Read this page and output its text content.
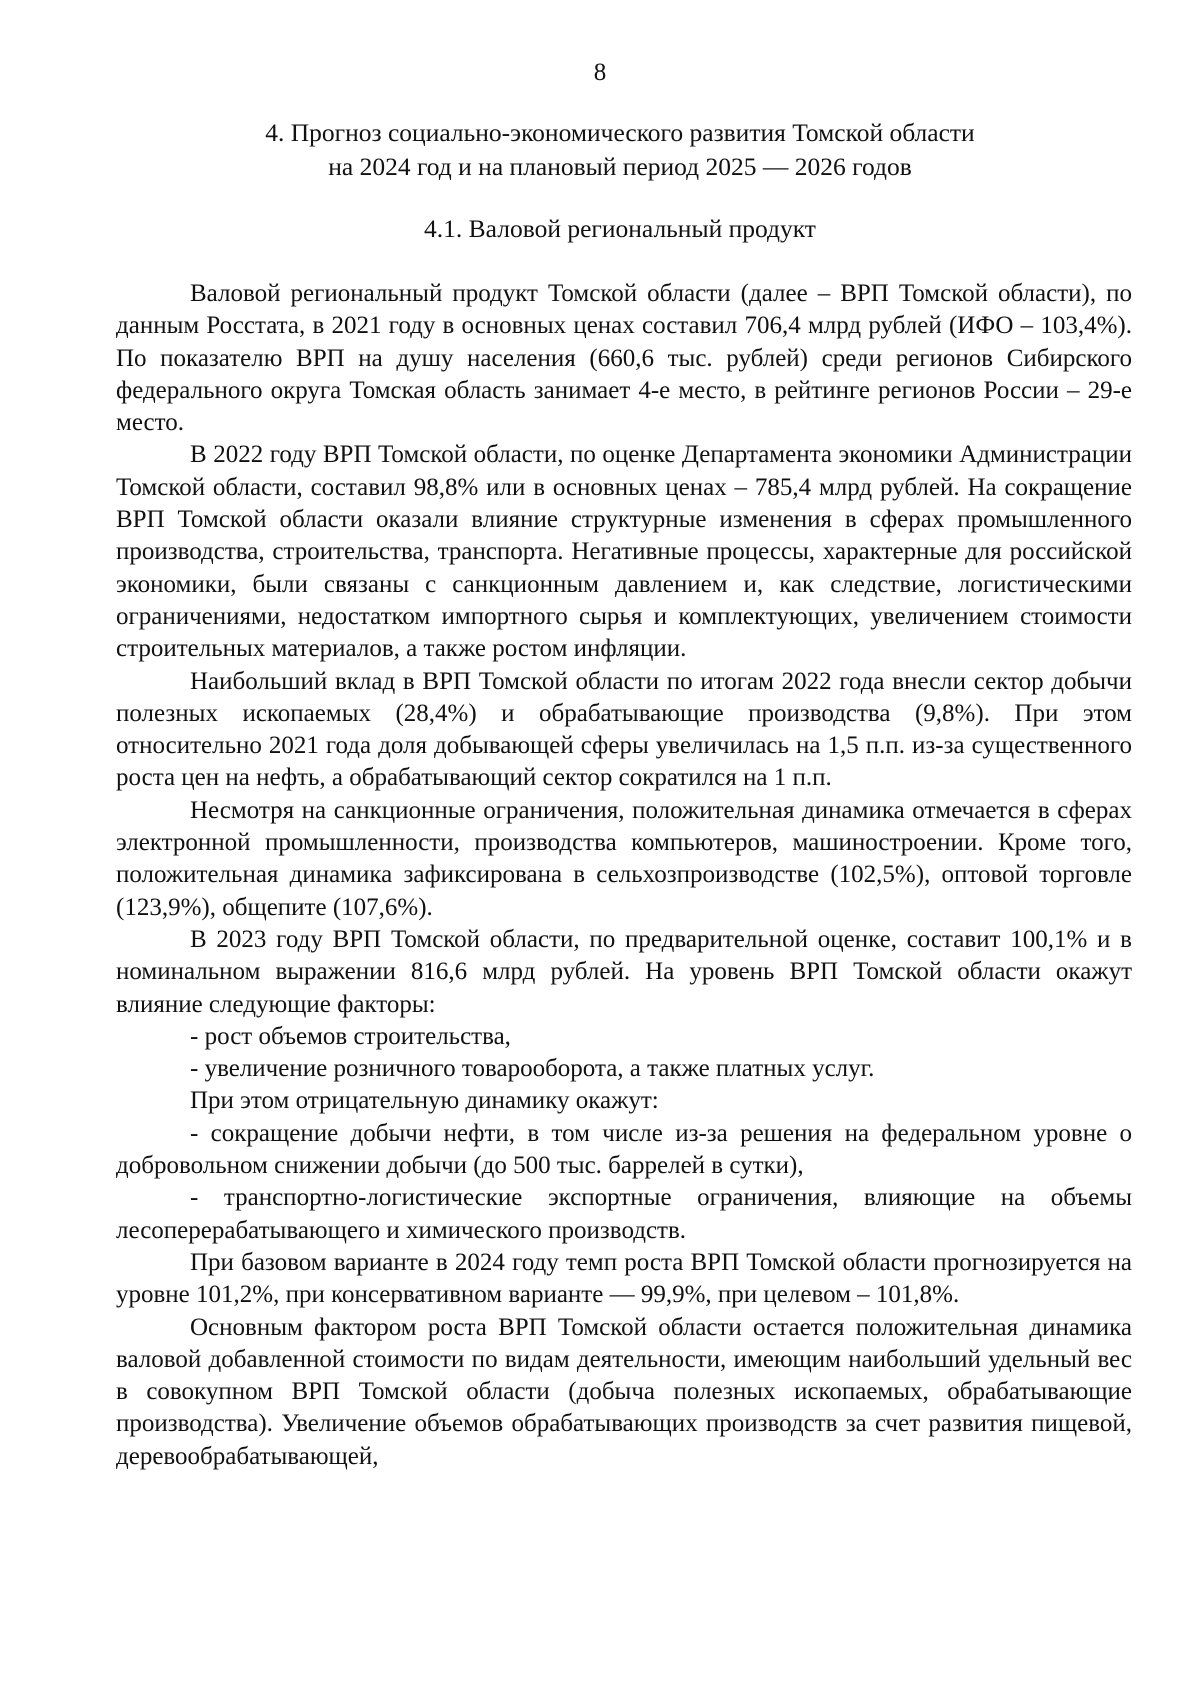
8
4. Прогноз социально-экономического развития Томской области
на 2024 год и на плановый период 2025 — 2026 годов
4.1. Валовой региональный продукт

Валовой региональный продукт Томской области (далее – ВРП Томской области), по данным Росстата, в 2021 году в основных ценах составил 706,4 млрд рублей (ИФО – 103,4%). По показателю ВРП на душу населения (660,6 тыс. рублей) среди регионов Сибирского федерального округа Томская область занимает 4-е место, в рейтинге регионов России – 29-е место.

В 2022 году ВРП Томской области, по оценке Департамента экономики Администрации Томской области, составил 98,8% или в основных ценах – 785,4 млрд рублей. На сокращение ВРП Томской области оказали влияние структурные изменения в сферах промышленного производства, строительства, транспорта. Негативные процессы, характерные для российской экономики, были связаны с санкционным давлением и, как следствие, логистическими ограничениями, недостатком импортного сырья и комплектующих, увеличением стоимости строительных материалов, а также ростом инфляции.

Наибольший вклад в ВРП Томской области по итогам 2022 года внесли сектор добычи полезных ископаемых (28,4%) и обрабатывающие производства (9,8%). При этом относительно 2021 года доля добывающей сферы увеличилась на 1,5 п.п. из-за существенного роста цен на нефть, а обрабатывающий сектор сократился на 1 п.п.

Несмотря на санкционные ограничения, положительная динамика отмечается в сферах электронной промышленности, производства компьютеров, машиностроении. Кроме того, положительная динамика зафиксирована в сельхозпроизводстве (102,5%), оптовой торговле (123,9%), общепите (107,6%).

В 2023 году ВРП Томской области, по предварительной оценке, составит 100,1% и в номинальном выражении 816,6 млрд рублей. На уровень ВРП Томской области окажут влияние следующие факторы:

- рост объемов строительства,

- увеличение розничного товарооборота, а также платных услуг.

При этом отрицательную динамику окажут:

- сокращение добычи нефти, в том числе из-за решения на федеральном уровне о добровольном снижении добычи (до 500 тыс. баррелей в сутки),

- транспортно-логистические экспортные ограничения, влияющие на объемы лесоперерабатывающего и химического производств.

При базовом варианте в 2024 году темп роста ВРП Томской области прогнозируется на уровне 101,2%, при консервативном варианте — 99,9%, при целевом – 101,8%.

Основным фактором роста ВРП Томской области остается положительная динамика валовой добавленной стоимости по видам деятельности, имеющим наибольший удельный вес в совокупном ВРП Томской области (добыча полезных ископаемых, обрабатывающие производства). Увеличение объемов обрабатывающих производств за счет развития пищевой, деревообрабатывающей,
